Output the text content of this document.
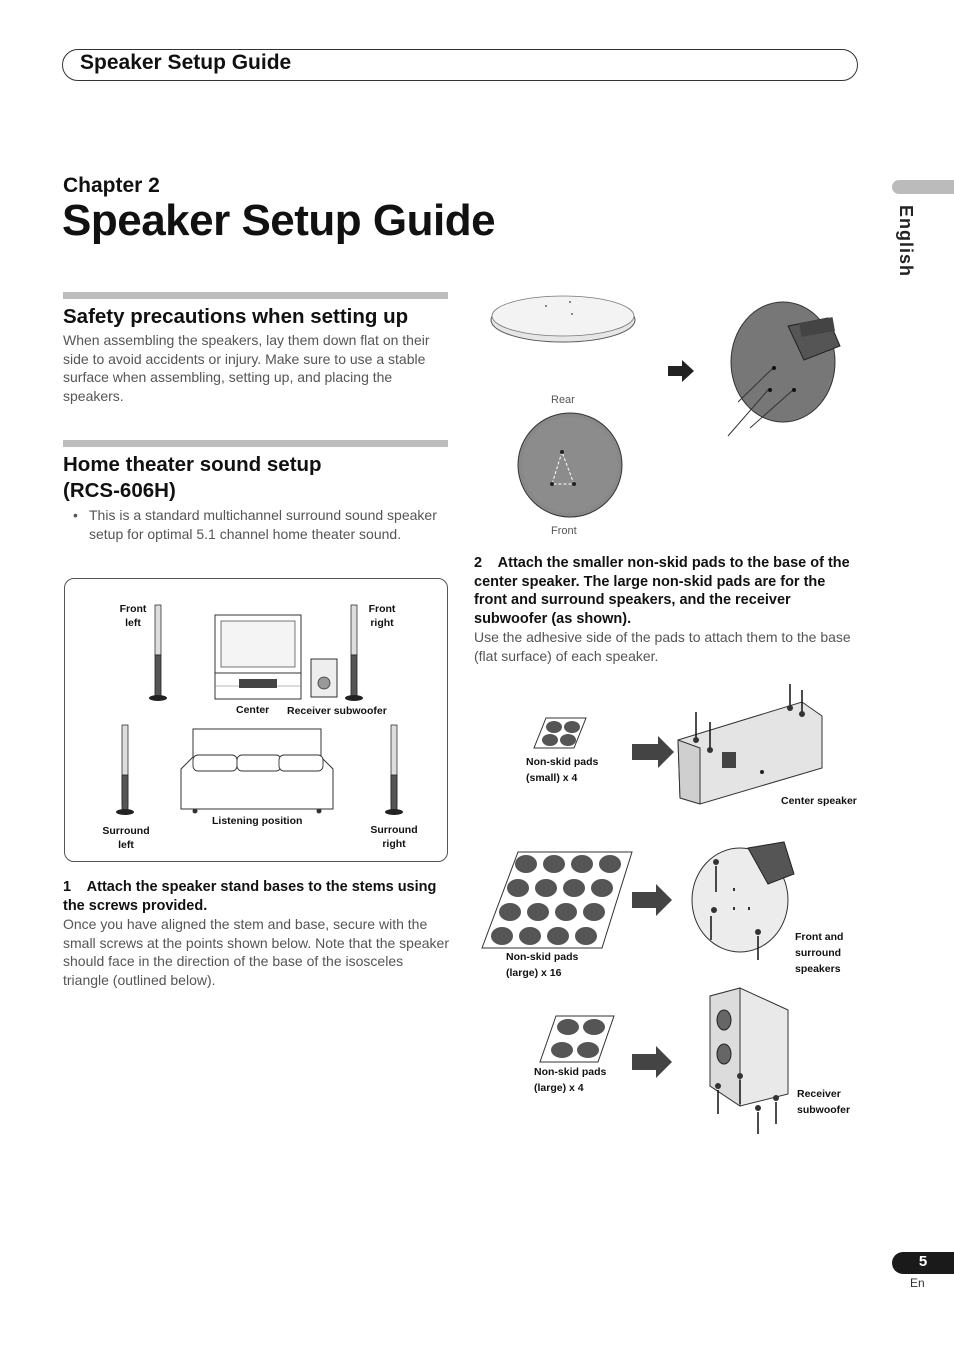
Speaker Setup Guide
English
Chapter 2
Speaker Setup Guide
Safety precautions when setting up
When assembling the speakers, lay them down flat on their side to avoid accidents or injury. Make sure to use a stable surface when assembling, setting up, and placing the speakers.
Home theater sound setup
(RCS-606H)
• This is a standard multichannel surround sound speaker setup for optimal 5.1 channel home theater sound.
Front
left
Front
right
Center Receiver subwoofer
Listening position
Surround
left
Surround
right
1    Attach the speaker stand bases to the stems using the screws provided.
Once you have aligned the stem and base, secure with the small screws at the points shown below. Note that the speaker should face in the direction of the base of the isosceles triangle (outlined below).
Rear
Front
2    Attach the smaller non-skid pads to the base of the center speaker. The large non-skid pads are for the front and surround speakers, and the receiver subwoofer (as shown).
Use the adhesive side of the pads to attach them to the base (flat surface) of each speaker.
Non-skid pads
(small) x 4
Center speaker
Non-skid pads
(large) x 16
Front and
surround
speakers
Non-skid pads
(large) x 4	Receiver
subwoofer
5
En
